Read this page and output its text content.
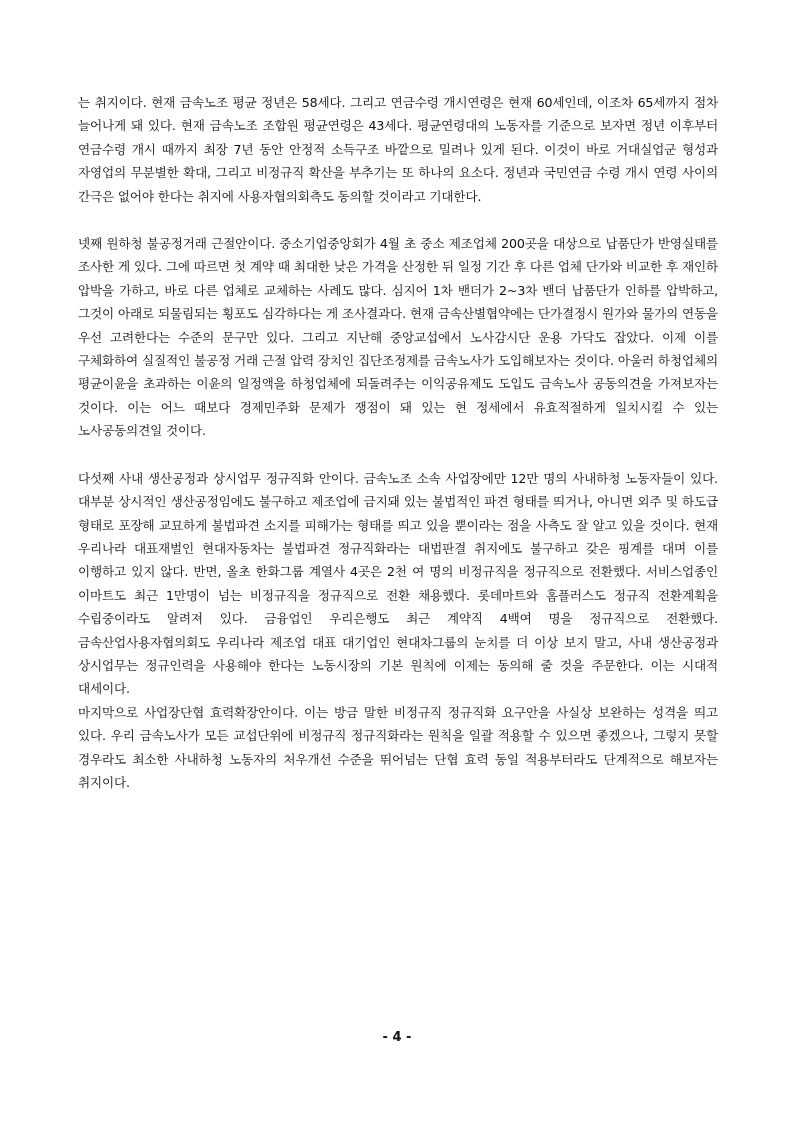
는 취지이다. 현재 금속노조 평균 정년은 58세다. 그리고 연금수령 개시연령은 현재 60세인데, 이조차 65세까지 점차 늘어나게 돼 있다. 현재 금속노조 조합원 평균연령은 43세다. 평균연령대의 노동자를 기준으로 보자면 정년 이후부터 연금수령 개시 때까지 최장 7년 동안 안정적 소득구조 바깥으로 밀려나 있게 된다. 이것이 바로 거대실업군 형성과 자영업의 무분별한 확대, 그리고 비정규직 확산을 부추기는 또 하나의 요소다. 정년과 국민연금 수령 개시 연령 사이의 간극은 없어야 한다는 취지에 사용자협의회측도 동의할 것이라고 기대한다.

넷째 원하청 불공정거래 근절안이다. 중소기업중앙회가 4월 초 중소 제조업체 200곳을 대상으로 납품단가 반영실태를 조사한 게 있다. 그에 따르면 첫 계약 때 최대한 낮은 가격을 산정한 뒤 일정 기간 후 다른 업체 단가와 비교한 후 재인하 압박을 가하고, 바로 다른 업체로 교체하는 사례도 많다. 심지어 1차 밴더가 2~3차 밴더 납품단가 인하를 압박하고, 그것이 아래로 되물림되는 횡포도 심각하다는 게 조사결과다. 현재 금속산별협약에는 단가결정시 원가와 물가의 연동을 우선 고려한다는 수준의 문구만 있다. 그리고 지난해 중앙교섭에서 노사감시단 운용 가닥도 잡았다. 이제 이를 구체화하여 실질적인 불공정 거래 근절 압력 장치인 집단조정제를 금속노사가 도입해보자는 것이다. 아울러 하청업체의 평균이윤을 초과하는 이윤의 일정액을 하청업체에 되돌려주는 이익공유제도 도입도 금속노사 공동의견을 가져보자는 것이다. 이는 어느 때보다 경제민주화 문제가 쟁점이 돼 있는 현 정세에서 유효적절하게 일치시킬 수 있는 노사공동의견일 것이다.

다섯째 사내 생산공정과 상시업무 정규직화 안이다. 금속노조 소속 사업장에만 12만 명의 사내하청 노동자들이 있다. 대부분 상시적인 생산공정임에도 불구하고 제조업에 금지돼 있는 불법적인 파견 형태를 띄거나, 아니면 외주 및 하도급 형태로 포장해 교묘하게 불법파견 소지를 피해가는 형태를 띄고 있을 뿐이라는 점을 사측도 잘 알고 있을 것이다. 현재 우리나라 대표재벌인 현대자동차는 불법파견 정규직화라는 대법판결 취지에도 불구하고 갖은 핑계를 대며 이를 이행하고 있지 않다. 반면, 올초 한화그룹 계열사 4곳은 2천 여 명의 비정규직을 정규직으로 전환했다. 서비스업종인 이마트도 최근 1만명이 넘는 비정규직을 정규직으로 전환 채용했다. 롯데마트와 홈플러스도 정규직 전환계획을 수립중이라도 알려져 있다. 금융업인 우리은행도 최근 계약직 4백여 명을 정규직으로 전환했다. 금속산업사용자협의회도 우리나라 제조업 대표 대기업인 현대차그룹의 눈치를 더 이상 보지 말고, 사내 생산공정과 상시업무는 정규인력을 사용해야 한다는 노동시장의 기본 원칙에 이제는 동의해 줄 것을 주문한다. 이는 시대적 대세이다.

마지막으로 사업장단협 효력확장안이다. 이는 방금 말한 비정규직 정규직화 요구안을 사실상 보완하는 성격을 띄고 있다. 우리 금속노사가 모든 교섭단위에 비정규직 정규직화라는 원칙을 일괄 적용할 수 있으면 좋겠으나, 그렇지 못할 경우라도 최소한 사내하청 노동자의 처우개선 수준을 뛰어넘는 단협 효력 동일 적용부터라도 단계적으로 해보자는 취지이다.

- 4 -
